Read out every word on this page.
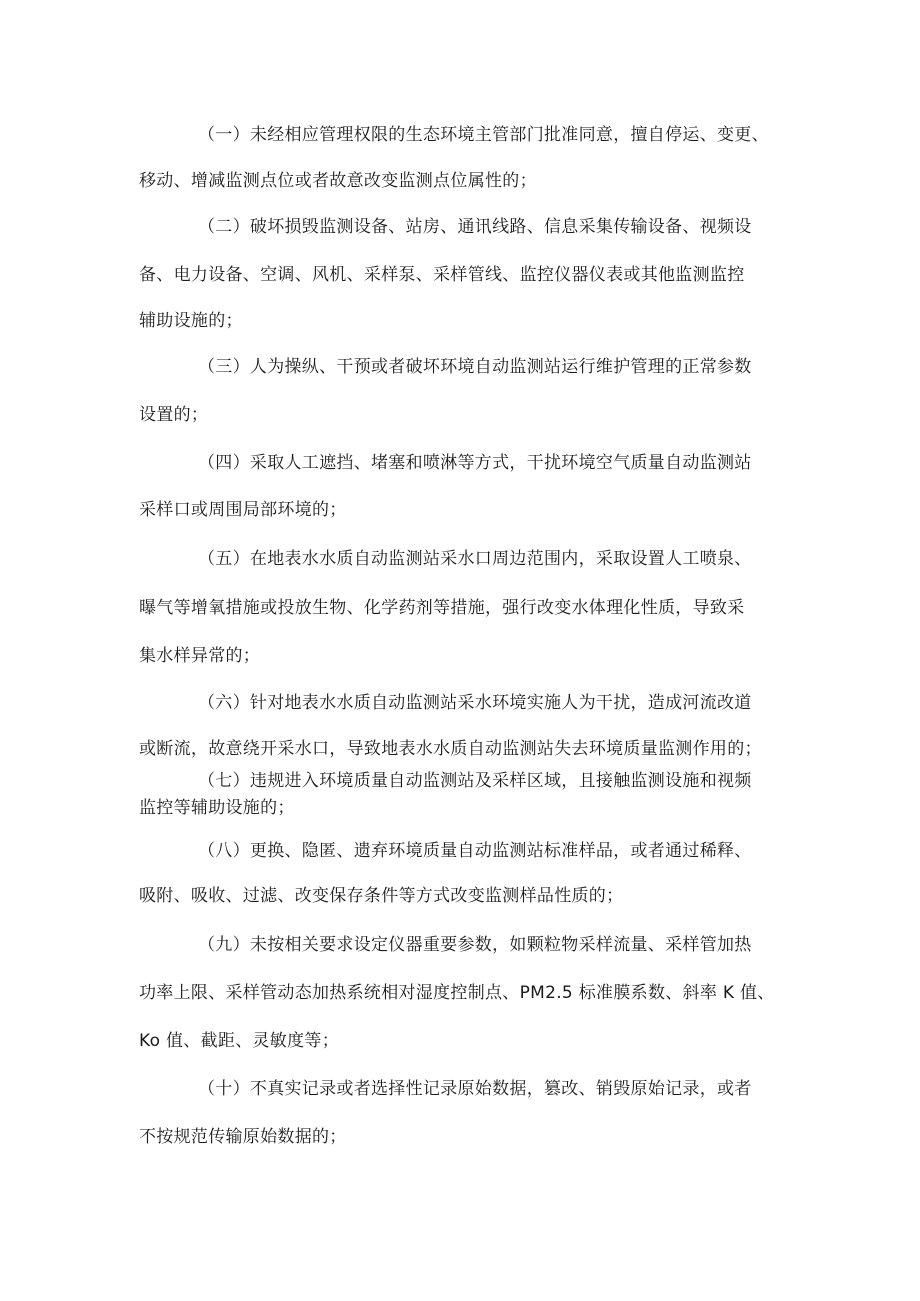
（一）未经相应管理权限的生态环境主管部门批准同意，擅自停运、变更、
移动、增减监测点位或者故意改变监测点位属性的；
（二）破坏损毁监测设备、站房、通讯线路、信息采集传输设备、视频设
备、电力设备、空调、风机、采样泵、采样管线、监控仪器仪表或其他监测监控
辅助设施的；
（三）人为操纵、干预或者破坏环境自动监测站运行维护管理的正常参数
设置的；
（四）采取人工遮挡、堵塞和喷淋等方式，干扰环境空气质量自动监测站
采样口或周围局部环境的；
（五）在地表水水质自动监测站采水口周边范围内，采取设置人工喷泉、
曝气等增氧措施或投放生物、化学药剂等措施，强行改变水体理化性质，导致采
集水样异常的；
（六）针对地表水水质自动监测站采水环境实施人为干扰，造成河流改道
或断流，故意绕开采水口，导致地表水水质自动监测站失去环境质量监测作用的；
（七）违规进入环境质量自动监测站及采样区域，且接触监测设施和视频
监控等辅助设施的；
（八）更换、隐匿、遗弃环境质量自动监测站标准样品，或者通过稀释、
吸附、吸收、过滤、改变保存条件等方式改变监测样品性质的；
（九）未按相关要求设定仪器重要参数，如颗粒物采样流量、采样管加热
功率上限、采样管动态加热系统相对湿度控制点、PM2.5 标准膜系数、斜率 K 值、
Ko 值、截距、灵敏度等；
（十）不真实记录或者选择性记录原始数据，篡改、销毁原始记录，或者
不按规范传输原始数据的；
